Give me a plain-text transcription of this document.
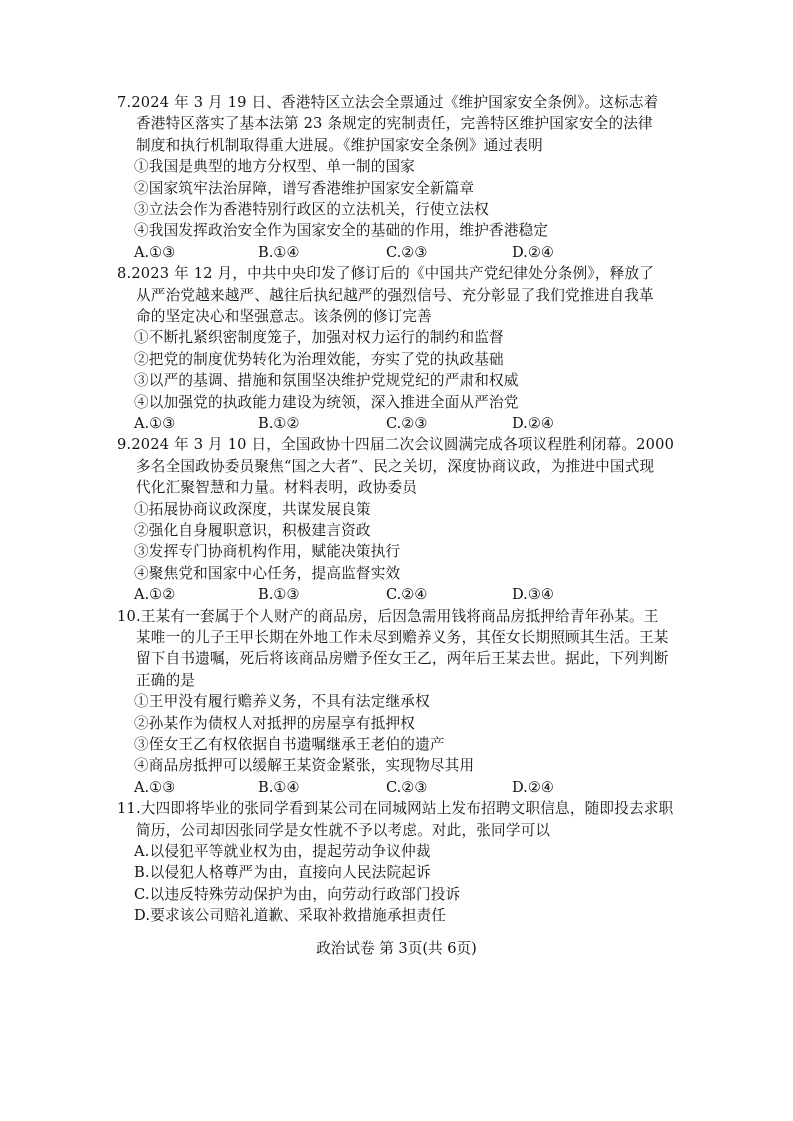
7.2024 年 3 月 19 日、香港特区立法会全票通过《维护国家安全条例》。这标志着
香港特区落实了基本法第 23 条规定的宪制责任，完善特区维护国家安全的法律
制度和执行机制取得重大进展。《维护国家安全条例》通过表明
①我国是典型的地方分权型、单一制的国家
②国家筑牢法治屏障，谱写香港维护国家安全新篇章
③立法会作为香港特别行政区的立法机关，行使立法权
④我国发挥政治安全作为国家安全的基础的作用，维护香港稳定
A.①③	B.①④	C.②③	D.②④
8.2023 年 12 月，中共中央印发了修订后的《中国共产党纪律处分条例》，释放了
从严治党越来越严、越往后执纪越严的强烈信号、充分彰显了我们党推进自我革
命的坚定决心和坚强意志。该条例的修订完善
①不断扎紧织密制度笼子，加强对权力运行的制约和监督
②把党的制度优势转化为治理效能，夯实了党的执政基础
③以严的基调、措施和氛围坚决维护党规党纪的严肃和权威
④以加强党的执政能力建设为统领，深入推进全面从严治党
A.①③	B.①②	C.②③	D.②④
9.2024 年 3 月 10 日，全国政协十四届二次会议圆满完成各项议程胜利闭幕。2000
多名全国政协委员聚焦“国之大者”、民之关切，深度协商议政，为推进中国式现
代化汇聚智慧和力量。材料表明，政协委员
①拓展协商议政深度，共谋发展良策
②强化自身履职意识，积极建言资政
③发挥专门协商机构作用，赋能决策执行
④聚焦党和国家中心任务，提高监督实效
A.①②	B.①③	C.②④	D.③④
10.王某有一套属于个人财产的商品房，后因急需用钱将商品房抵押给青年孙某。王
某唯一的儿子王甲长期在外地工作未尽到赡养义务，其侄女长期照顾其生活。王某
留下自书遗嘱，死后将该商品房赠予侄女王乙，两年后王某去世。据此，下列判断
正确的是
①王甲没有履行赡养义务，不具有法定继承权
②孙某作为债权人对抵押的房屋享有抵押权
③侄女王乙有权依据自书遗嘱继承王老伯的遗产
④商品房抵押可以缓解王某资金紧张，实现物尽其用
A.①③	B.①④	C.②③	D.②④
11.大四即将毕业的张同学看到某公司在同城网站上发布招聘文职信息，随即投去求职
简历，公司却因张同学是女性就不予以考虑。对此，张同学可以
A.以侵犯平等就业权为由，提起劳动争议仲裁
B.以侵犯人格尊严为由，直接向人民法院起诉
C.以违反特殊劳动保护为由，向劳动行政部门投诉
D.要求该公司赔礼道歉、采取补救措施承担责任
政治试卷 第 3页(共 6页)
